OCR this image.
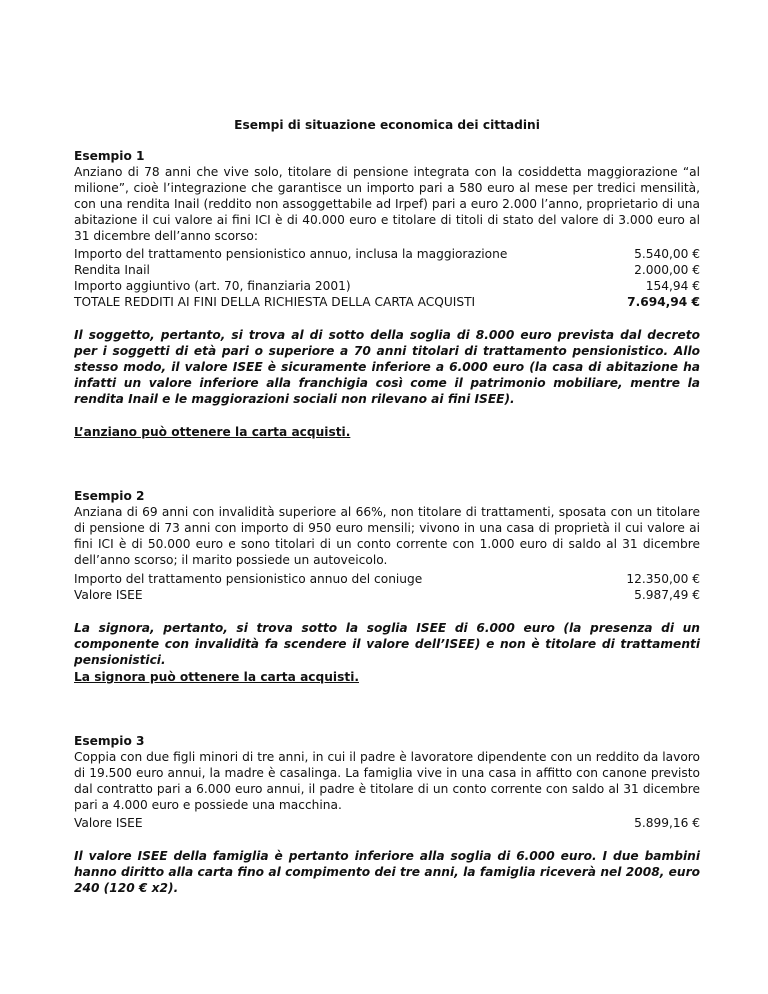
Esempi di situazione economica dei cittadini
Esempio 1
Anziano di 78 anni che vive solo, titolare di pensione integrata con la cosiddetta maggiorazione “al milione”, cioè l’integrazione che garantisce un importo pari a 580 euro al mese per tredici mensilità, con una rendita Inail (reddito non assoggettabile ad Irpef) pari a euro 2.000 l’anno, proprietario di una abitazione il cui valore ai fini ICI è di 40.000 euro e titolare di titoli di stato del valore di 3.000 euro al 31 dicembre dell’anno scorso:
Importo del trattamento pensionistico annuo, inclusa la maggiorazione	5.540,00 €
Rendita Inail	2.000,00 €
Importo aggiuntivo (art. 70, finanziaria 2001)	154,94 €
TOTALE REDDITI AI FINI DELLA RICHIESTA DELLA CARTA ACQUISTI	7.694,94 €
Il soggetto, pertanto, si trova al di sotto della soglia di 8.000 euro prevista dal decreto per i soggetti di età pari o superiore a 70 anni titolari di trattamento pensionistico. Allo stesso modo, il valore ISEE è sicuramente inferiore a 6.000 euro (la casa di abitazione ha infatti un valore inferiore alla franchigia così come il patrimonio mobiliare, mentre la rendita Inail e le maggiorazioni sociali non rilevano ai fini ISEE).
L’anziano può ottenere la carta acquisti.
Esempio 2
Anziana di 69 anni con invalidità superiore al 66%, non titolare di trattamenti, sposata con un titolare di pensione di 73 anni con importo di 950 euro mensili; vivono in una casa di proprietà il cui valore ai fini ICI è di 50.000 euro e sono titolari di un conto corrente con 1.000 euro di saldo al 31 dicembre dell’anno scorso; il marito possiede un autoveicolo.
Importo del trattamento pensionistico annuo del coniuge	12.350,00 €
Valore ISEE	5.987,49 €
La signora, pertanto, si trova sotto la soglia ISEE di 6.000 euro (la presenza di un componente con invalidità fa scendere il valore dell’ISEE) e non è titolare di trattamenti pensionistici.
La signora può ottenere la carta acquisti.
Esempio 3
Coppia con due figli minori di tre anni, in cui il padre è lavoratore dipendente con un reddito da lavoro di 19.500 euro annui, la madre è casalinga. La famiglia vive in una casa in affitto con canone previsto dal contratto pari a 6.000 euro annui, il padre è titolare di un conto corrente con saldo al 31 dicembre pari a 4.000 euro e possiede una macchina.
Valore ISEE	5.899,16 €
Il valore ISEE della famiglia è pertanto inferiore alla soglia di 6.000 euro. I due bambini hanno diritto alla carta fino al compimento dei tre anni, la famiglia riceverà nel 2008, euro 240 (120 € x2).
